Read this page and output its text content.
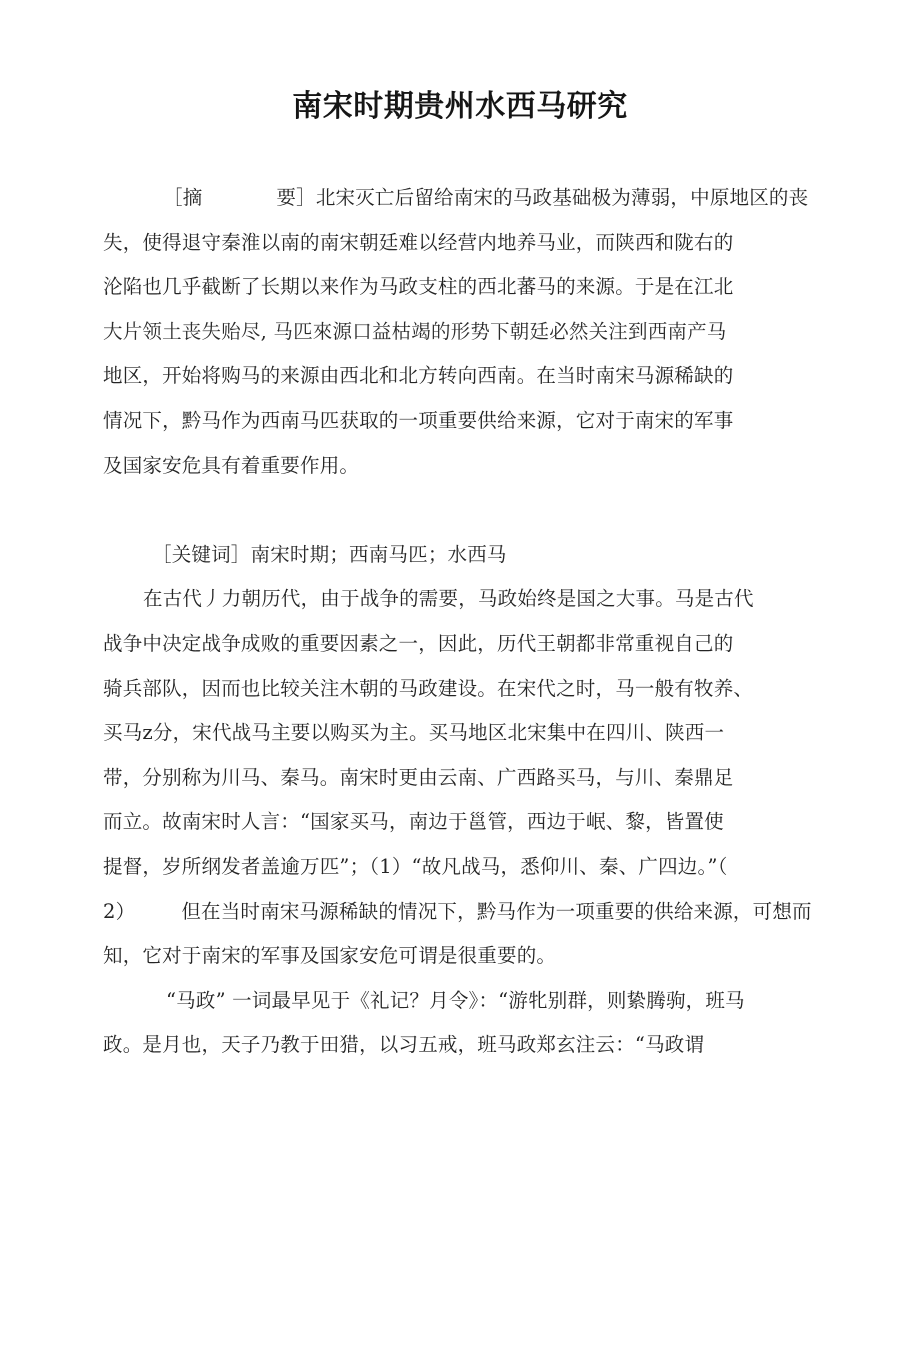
南宋时期贵州水西马研究
［摘	要］北宋灭亡后留给南宋的马政基础极为薄弱，中原地区的丧
失，使得退守秦淮以南的南宋朝廷难以经营内地养马业，而陕西和陇右的
沦陷也几乎截断了长期以来作为马政支柱的西北蕃马的来源。于是在江北
大片领土丧失贻尽, 马匹來源口益枯竭的形势下朝廷必然关注到西南产马
地区，开始将购马的来源由西北和北方转向西南。在当时南宋马源稀缺的
情况下，黔马作为西南马匹获取的一项重要供给来源，它对于南宋的军事
及国家安危具有着重要作用。
［关键词］南宋时期；西南马匹；水西马
在古代丿力朝历代，由于战争的需要，马政始终是国之大事。马是古代
战争中决定战争成败的重要因素之一，因此，历代王朝都非常重视自己的
骑兵部队，因而也比较关注木朝的马政建设。在宋代之时，马一般有牧养、
买马z分，宋代战马主要以购买为主。买马地区北宋集中在四川、陕西一
带，分别称为川马、秦马。南宋时更由云南、广西路买马，与川、秦鼎足
而立。故南宋时人言：“国家买马，南边于邕管，西边于岷、黎，皆置使
提督，岁所纲发者盖逾万匹”；（1）“故凡战马，悉仰川、秦、广四边。”（
2） 但在当时南宋马源稀缺的情况下，黔马作为一项重要的供给来源，可想而
知，它对于南宋的军事及国家安危可谓是很重要的。
“马政” 一词最早见于《礼记？月令》：“游牝别群，则絷腾驹，班马
政。是月也，天子乃教于田猎，以习五戒，班马政郑玄注云：“马政谓
